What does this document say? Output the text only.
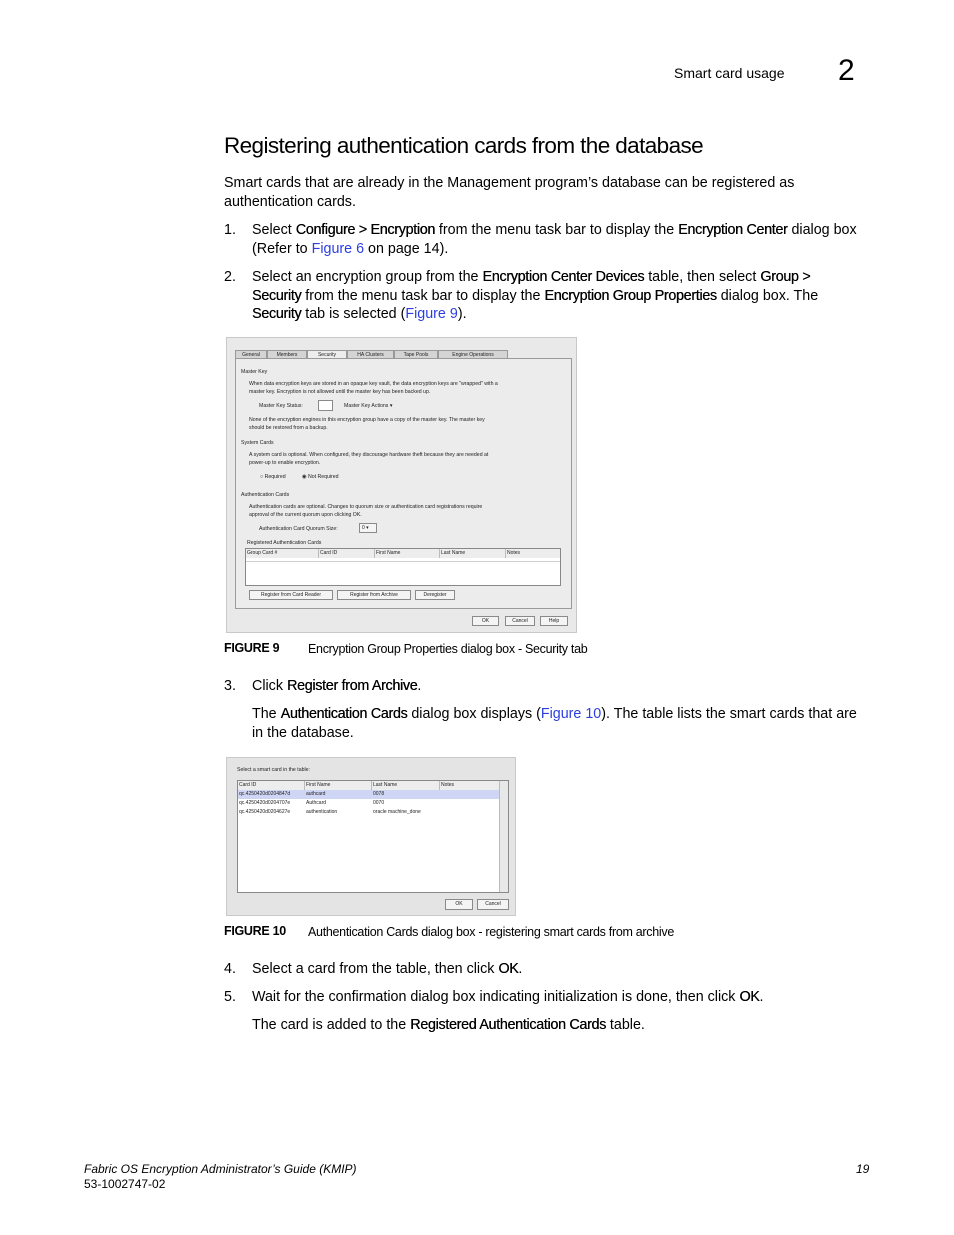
Smart card usage 2
Registering authentication cards from the database
Smart cards that are already in the Management program’s database can be registered as authentication cards.
1. Select Configure > Encryption from the menu task bar to display the Encryption Center dialog box (Refer to Figure 6 on page 14).
2. Select an encryption group from the Encryption Center Devices table, then select Group > Security from the menu task bar to display the Encryption Group Properties dialog box. The Security tab is selected (Figure 9).
General	Members	Security	HA Clusters	Tape Pools	Engine Operations
Master Key
When data encryption keys are stored in an opaque key vault, the data encryption keys are "wrapped" with a
master key. Encryption is not allowed until the master key has been backed up.
Master Key Status:	Master Key Actions ▾
None of the encryption engines in this encryption group have a copy of the master key. The master key
should be restored from a backup.
System Cards
A system card is optional. When configured, they discourage hardware theft because they are needed at
power-up to enable encryption.
○ Required	◉ Not Required
Authentication Cards
Authentication cards are optional. Changes to quorum size or authentication card registrations require
approval of the current quorum upon clicking OK.
Authentication Card Quorum Size:	0 ▾
Registered Authentication Cards
Group Card #	Card ID	First Name	Last Name	Notes
Register from Card Reader	Register from Archive	Deregister
OK	Cancel	Help
FIGURE 9 Encryption Group Properties dialog box - Security tab
3. Click Register from Archive.
The Authentication Cards dialog box displays (Figure 10). The table lists the smart cards that are in the database.
Select a smart card in the table:
Card ID	First Name	Last Name	Notes
qc.4250420d0204847d	authcard	0078
qc.4250420d0204707e	Authcard	0070
qc.4250420d0204627e	authentication	oracle machine_done
OK	Cancel
FIGURE 10 Authentication Cards dialog box - registering smart cards from archive
4. Select a card from the table, then click OK.
5. Wait for the confirmation dialog box indicating initialization is done, then click OK.
The card is added to the Registered Authentication Cards table.
Fabric OS Encryption Administrator’s Guide (KMIP)
53-1002747-02
19
